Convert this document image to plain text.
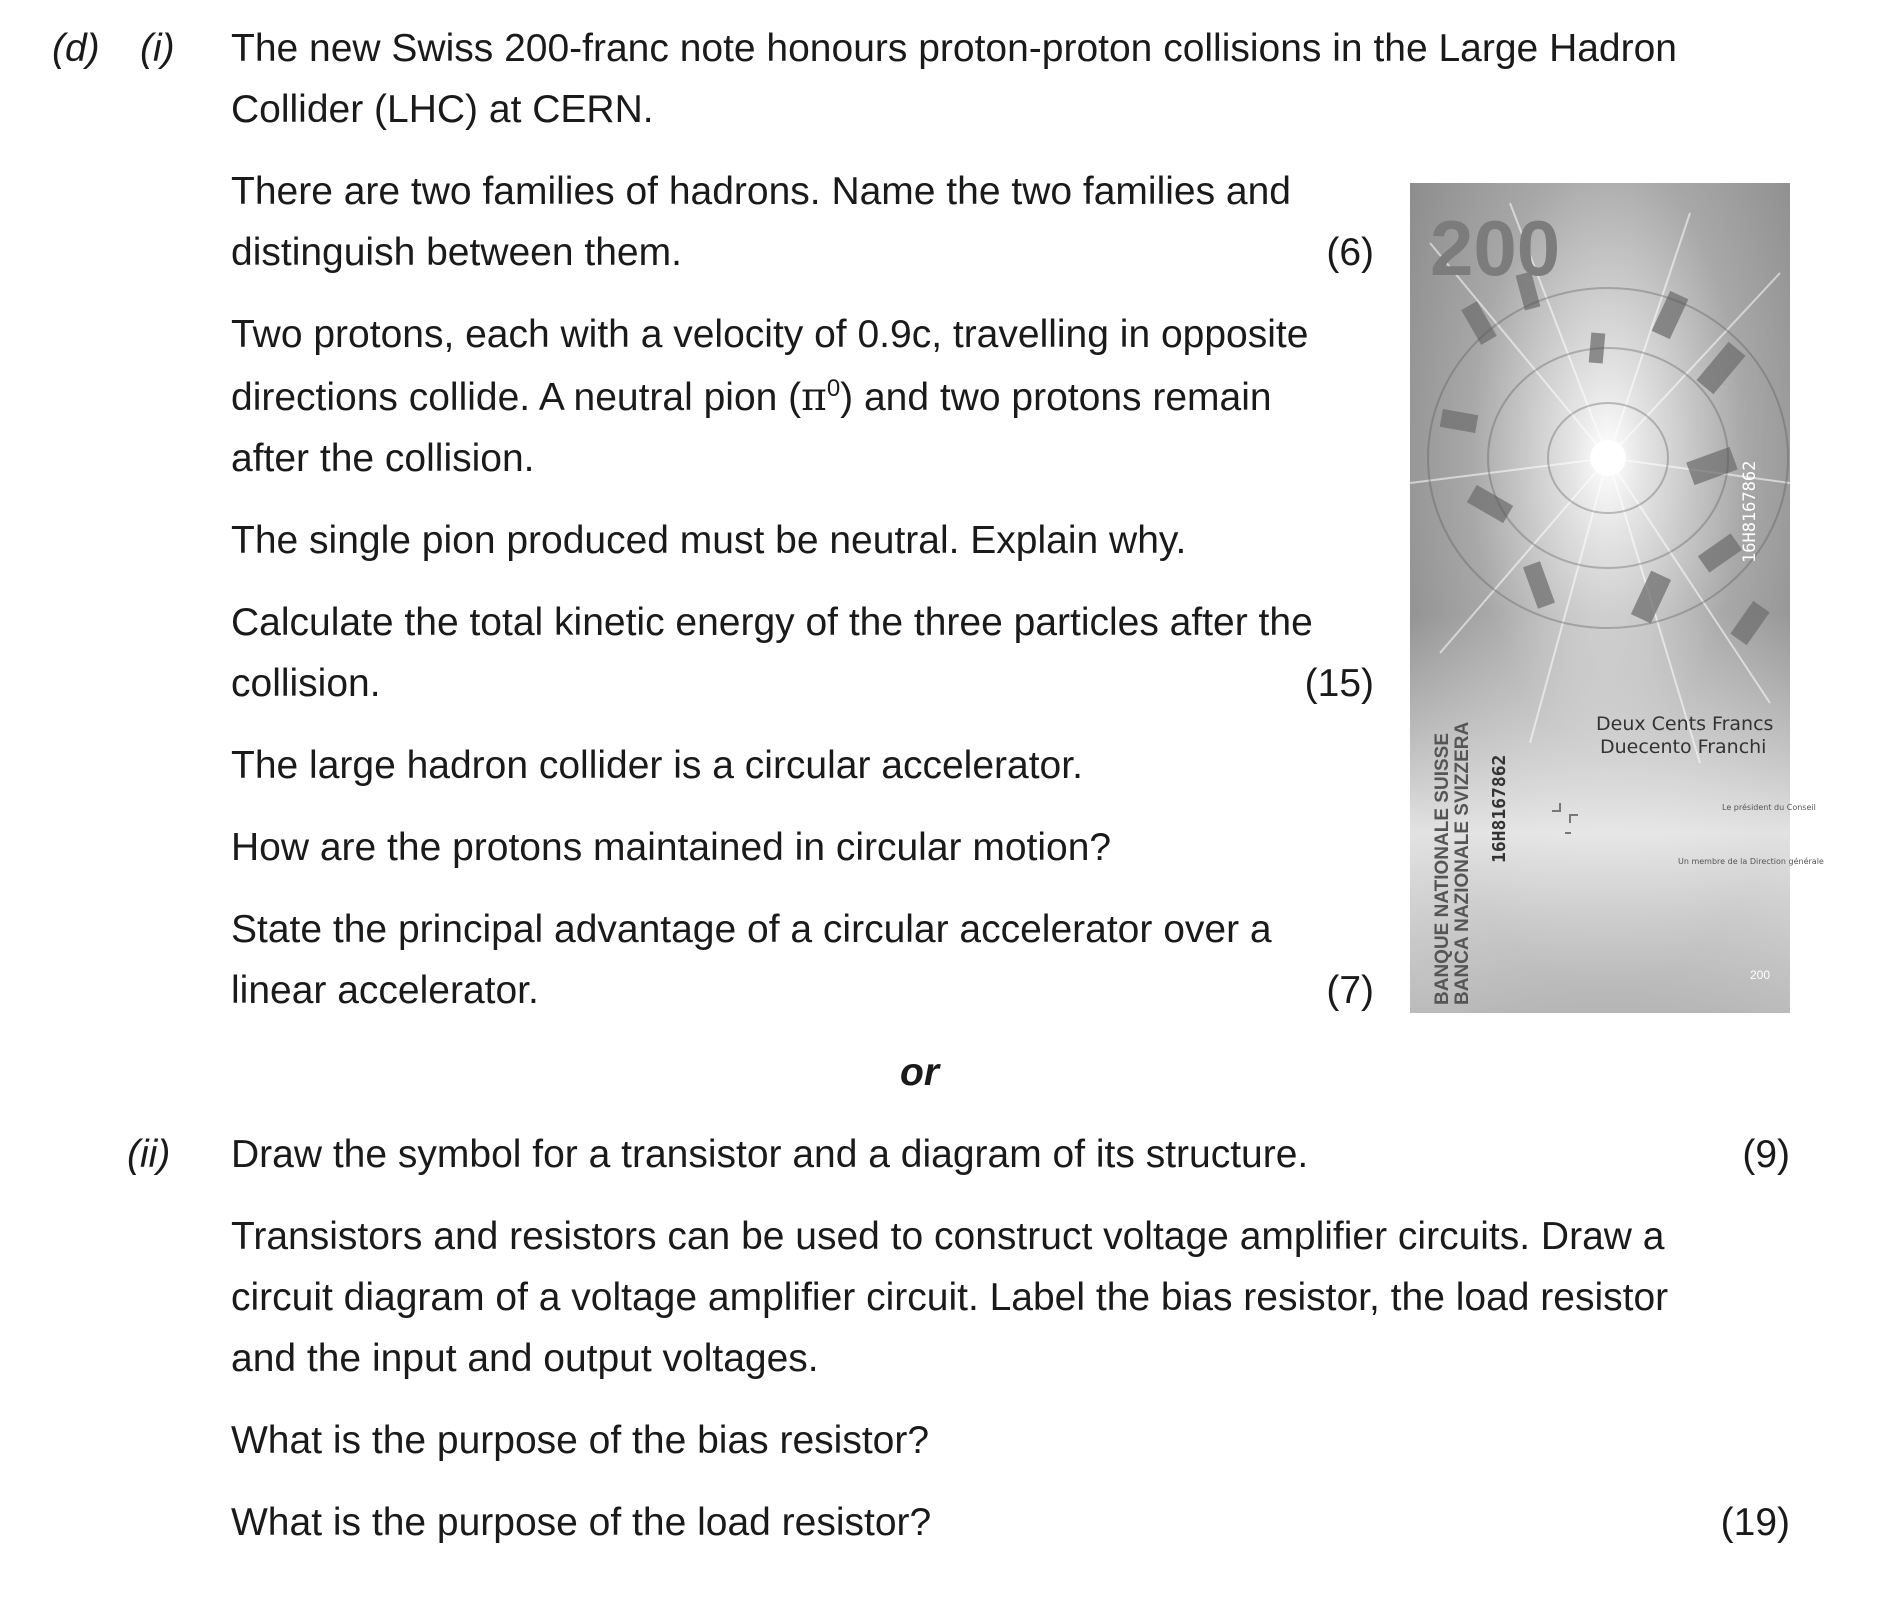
(d) (i) The new Swiss 200-franc note honours proton-proton collisions in the Large Hadron
Collider (LHC) at CERN.
There are two families of hadrons. Name the two families and
distinguish between them.	(6)
Two protons, each with a velocity of 0.9c, travelling in opposite
directions collide. A neutral pion $(\pi^0)$ and two protons remain
after the collision.
The single pion produced must be neutral. Explain why.
Calculate the total kinetic energy of the three particles after the
collision.	(15)
The large hadron collider is a circular accelerator.
How are the protons maintained in circular motion?
State the principal advantage of a circular accelerator over a
linear accelerator.	(7)
200
16H8167862
Deux Cents Francs
Duecento Franchi
BANQUE NATIONALE SUISSE BANCA NAZIONALE SVIZZERA 16H8167862	Le président du Conseil
Un membre de la Direction générale
200
or
(ii) Draw the symbol for a transistor and a diagram of its structure.	(9)
Transistors and resistors can be used to construct voltage amplifier circuits. Draw a
circuit diagram of a voltage amplifier circuit. Label the bias resistor, the load resistor
and the input and output voltages.
What is the purpose of the bias resistor?
What is the purpose of the load resistor?	(19)
